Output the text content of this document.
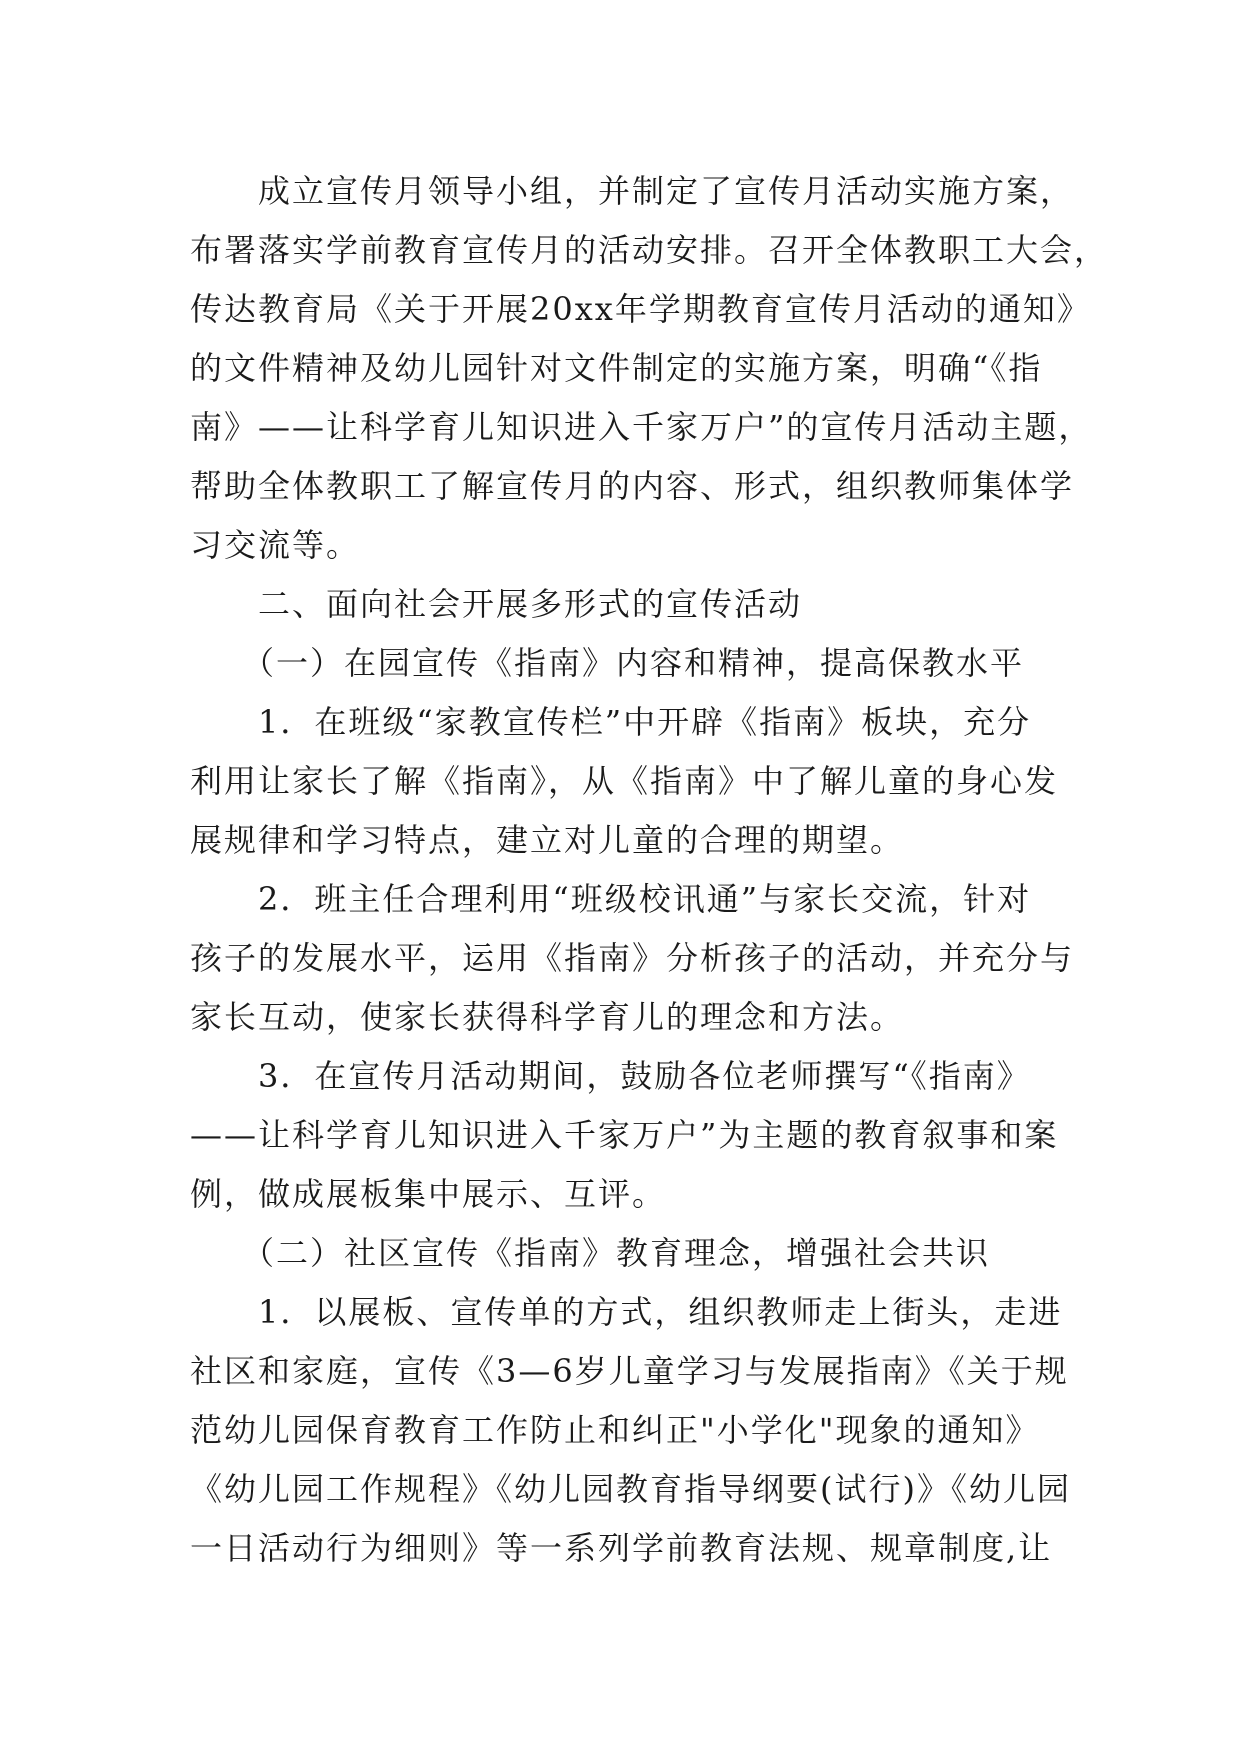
　　成立宣传月领导小组，并制定了宣传月活动实施方案，
布署落实学前教育宣传月的活动安排。召开全体教职工大会，
传达教育局《关于开展20xx年学期教育宣传月活动的通知》
的文件精神及幼儿园针对文件制定的实施方案，明确“《指
南》——让科学育儿知识进入千家万户”的宣传月活动主题，
帮助全体教职工了解宣传月的内容、形式，组织教师集体学
习交流等。
　　二、面向社会开展多形式的宣传活动
　　（一）在园宣传《指南》内容和精神，提高保教水平
　　1．在班级“家教宣传栏”中开辟《指南》板块，充分
利用让家长了解《指南》，从《指南》中了解儿童的身心发
展规律和学习特点，建立对儿童的合理的期望。
　　2．班主任合理利用“班级校讯通”与家长交流，针对
孩子的发展水平，运用《指南》分析孩子的活动，并充分与
家长互动，使家长获得科学育儿的理念和方法。
　　3．在宣传月活动期间，鼓励各位老师撰写“《指南》
——让科学育儿知识进入千家万户”为主题的教育叙事和案
例，做成展板集中展示、互评。
　　（二）社区宣传《指南》教育理念，增强社会共识
　　1．以展板、宣传单的方式，组织教师走上街头，走进
社区和家庭，宣传《3—6岁儿童学习与发展指南》《关于规
范幼儿园保育教育工作防止和纠正"小学化"现象的通知》
《幼儿园工作规程》《幼儿园教育指导纲要(试行)》《幼儿园
一日活动行为细则》等一系列学前教育法规、规章制度,让
